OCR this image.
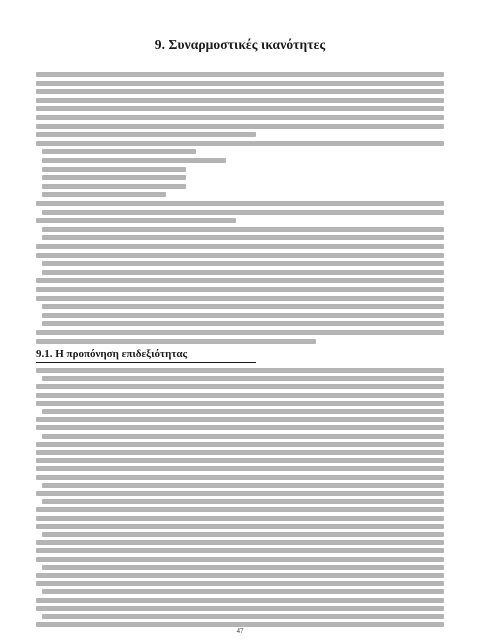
9. Συναρμοστικές ικανότητες
9.1. Η προπόνηση επιδεξιότητας
47
